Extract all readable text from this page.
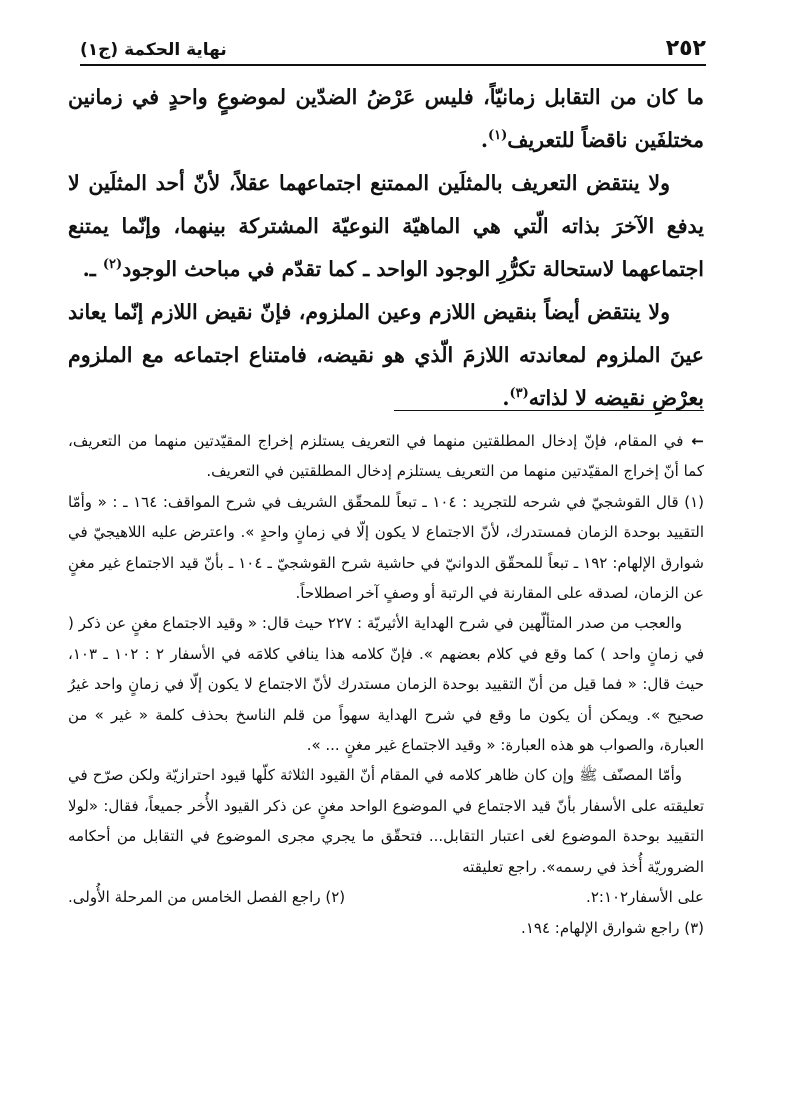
٢٥٢
نهاية الحكمة (ج١)

ما كان من التقابل زمانيّاً، فليس عَرْضُ الضدّين لموضوعٍ واحدٍ في زمانين مختلفَين ناقضاً للتعريف$^{(١)}$.

ولا ينتقض التعريف بالمثلَين الممتنع اجتماعهما عقلاً، لأنّ أحد المثلَين لا يدفع الآخرَ بذاته الّتي هي الماهيّة النوعيّة المشتركة بينهما، وإنّما يمتنع اجتماعهما لاستحالة تكرُّرِ الوجود الواحد ـ كما تقدّم في مباحث الوجود$^{(٢)}$ ـ.

ولا ينتقض أيضاً بنقيض اللازم وعين الملزوم، فإنّ نقيض اللازم إنّما يعاند عينَ الملزوم لمعاندته اللازمَ الّذي هو نقيضه، فامتناع اجتماعه مع الملزوم بعرْضِ نقيضه لا لذاته$^{(٣)}$.

←في المقام، فإنّ إدخال المطلقتين منهما في التعريف يستلزم إخراج المقيّدتين منهما من التعريف، كما أنّ إخراج المقيّدتين منهما من التعريف يستلزم إدخال المطلقتين في التعريف.

(١) قال القوشجيّ في شرحه للتجريد : ١٠٤ ـ تبعاً للمحقّق الشريف في شرح المواقف: ١٦٤ ـ : « وأمّا التقييد بوحدة الزمان فمستدرك، لأنّ الاجتماع لا يكون إلّا في زمانٍ واحدٍ ». واعترض عليه اللاهيجيّ في شوارق الإلهام: ١٩٢ ـ تبعاً للمحقّق الدوانيّ في حاشية شرح القوشجيّ ـ ١٠٤ ـ بأنّ قيد الاجتماع غير مغنٍ عن الزمان، لصدقه على المقارنة في الرتبة أو وصفٍ آخر اصطلاحاً.

والعجب من صدر المتألّهين في شرح الهداية الأثيريّة : ٢٢٧ حيث قال: « وقيد الاجتماع مغنٍ عن ذكر ( في زمانٍ واحد ) كما وقع في كلام بعضهم ». فإنّ كلامه هذا ينافي كلامَه في الأسفار ٢ : ١٠٢ ـ ١٠٣، حيث قال: « فما قيل من أنّ التقييد بوحدة الزمان مستدرك لأنّ الاجتماع لا يكون إلّا في زمانٍ واحد غيرُ صحيح ». ويمكن أن يكون ما وقع في شرح الهداية سهواً من قلم الناسخ بحذف كلمة « غير » من العبارة، والصواب هو هذه العبارة: « وقيد الاجتماع غير مغنٍ ... ».

وأمّا المصنّف ﷺ وإن كان ظاهر كلامه في المقام أنّ القيود الثلاثة كلّها قيود احترازيّة ولكن صرّح في تعليقته على الأسفار بأنّ قيد الاجتماع في الموضوع الواحد مغنٍ عن ذكر القيود الأُخر جميعاً، فقال: «لولا التقييد بوحدة الموضوع لغى اعتبار التقابل... فتحقّق ما يجري مجرى الموضوع في التقابل من أحكامه الضروريّة أُخذ في رسمه». راجع تعليقته

على الأسفار٢:١٠٢.
(٢) راجع الفصل الخامس من المرحلة الأُولى.

(٣) راجع شوارق الإلهام: ١٩٤.
